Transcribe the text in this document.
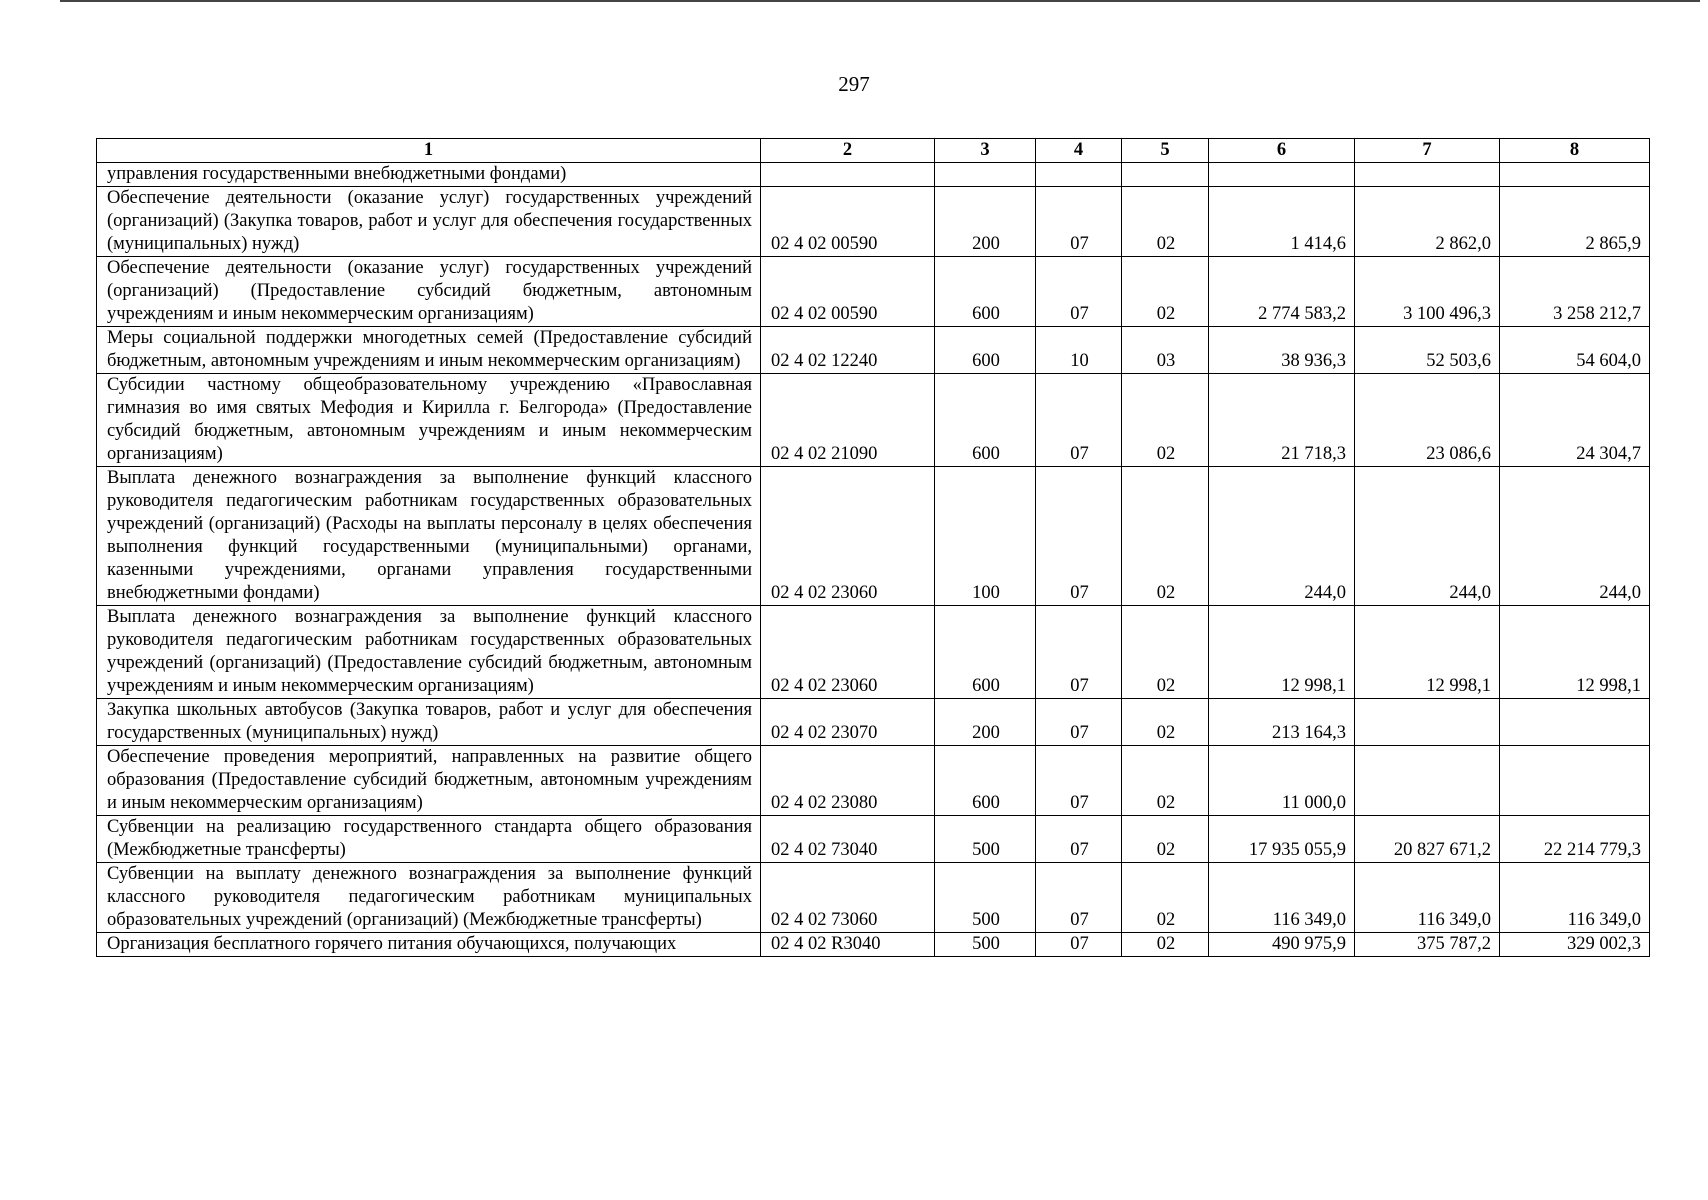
297
1	2	3	4	5	6	7	8
управления государственными внебюджетными фондами)							
Обеспечение деятельности (оказание услуг) государственных учреждений (организаций) (Закупка товаров, работ и услуг для обеспечения государственных (муниципальных) нужд)	02 4 02 00590	200	07	02	1 414,6	2 862,0	2 865,9
Обеспечение деятельности (оказание услуг) государственных учреждений (организаций) (Предоставление субсидий бюджетным, автономным учреждениям и иным некоммерческим организациям)	02 4 02 00590	600	07	02	2 774 583,2	3 100 496,3	3 258 212,7
Меры социальной поддержки многодетных семей (Предоставление субсидий бюджетным, автономным учреждениям и иным некоммерческим организациям)	02 4 02 12240	600	10	03	38 936,3	52 503,6	54 604,0
Субсидии частному общеобразовательному учреждению «Православная гимназия во имя святых Мефодия и Кирилла г. Белгорода» (Предоставление субсидий бюджетным, автономным учреждениям и иным некоммерческим организациям)	02 4 02 21090	600	07	02	21 718,3	23 086,6	24 304,7
Выплата денежного вознаграждения за выполнение функций классного руководителя педагогическим работникам государственных образовательных учреждений (организаций) (Расходы на выплаты персоналу в целях обеспечения выполнения функций государственными (муниципальными) органами, казенными учреждениями, органами управления государственными внебюджетными фондами)	02 4 02 23060	100	07	02	244,0	244,0	244,0
Выплата денежного вознаграждения за выполнение функций классного руководителя педагогическим работникам государственных образовательных учреждений (организаций) (Предоставление субсидий бюджетным, автономным учреждениям и иным некоммерческим организациям)	02 4 02 23060	600	07	02	12 998,1	12 998,1	12 998,1
Закупка школьных автобусов (Закупка товаров, работ и услуг для обеспечения государственных (муниципальных) нужд)	02 4 02 23070	200	07	02	213 164,3		
Обеспечение проведения мероприятий, направленных на развитие общего образования (Предоставление субсидий бюджетным, автономным учреждениям и иным некоммерческим организациям)	02 4 02 23080	600	07	02	11 000,0		
Субвенции на реализацию государственного стандарта общего образования (Межбюджетные трансферты)	02 4 02 73040	500	07	02	17 935 055,9	20 827 671,2	22 214 779,3
Субвенции на выплату денежного вознаграждения за выполнение функций классного руководителя педагогическим работникам муниципальных образовательных учреждений (организаций) (Межбюджетные трансферты)	02 4 02 73060	500	07	02	116 349,0	116 349,0	116 349,0
Организация бесплатного горячего питания обучающихся, получающих	02 4 02 R3040	500	07	02	490 975,9	375 787,2	329 002,3
